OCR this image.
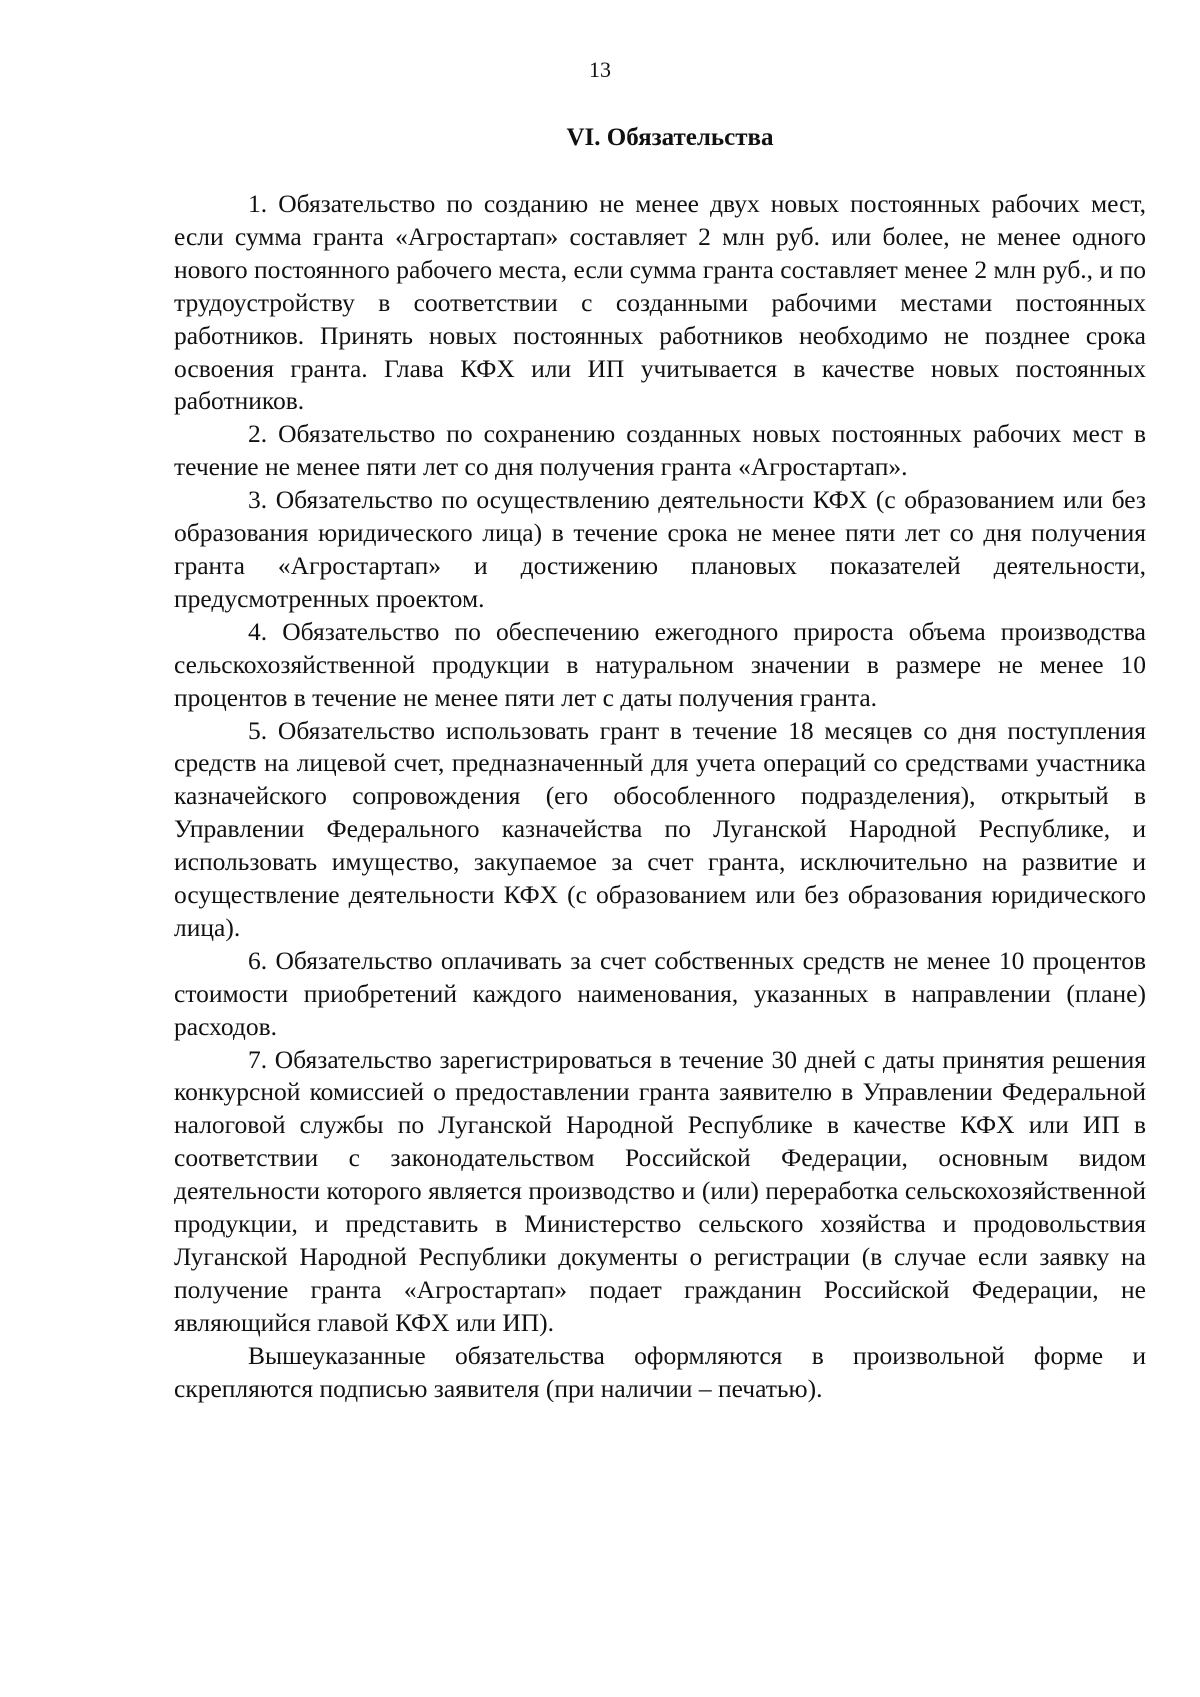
13
VI. Обязательства

1. Обязательство по созданию не менее двух новых постоянных рабочих мест, если сумма гранта «Агростартап» составляет 2 млн руб. или более, не менее одного нового постоянного рабочего места, если сумма гранта составляет менее 2 млн руб., и по трудоустройству в соответствии с созданными рабочими местами постоянных работников. Принять новых постоянных работников необходимо не позднее срока освоения гранта. Глава КФХ или ИП учитывается в качестве новых постоянных работников.

2. Обязательство по сохранению созданных новых постоянных рабочих мест в течение не менее пяти лет со дня получения гранта «Агростартап».

3. Обязательство по осуществлению деятельности КФХ (с образованием или без образования юридического лица) в течение срока не менее пяти лет со дня получения гранта «Агростартап» и достижению плановых показателей деятельности, предусмотренных проектом.

4. Обязательство по обеспечению ежегодного прироста объема производства сельскохозяйственной продукции в натуральном значении в размере не менее 10 процентов в течение не менее пяти лет с даты получения гранта.

5. Обязательство использовать грант в течение 18 месяцев со дня поступления средств на лицевой счет, предназначенный для учета операций со средствами участника казначейского сопровождения (его обособленного подразделения), открытый в Управлении Федерального казначейства по Луганской Народной Республике, и использовать имущество, закупаемое за счет гранта, исключительно на развитие и осуществление деятельности КФХ (с образованием или без образования юридического лица).

6. Обязательство оплачивать за счет собственных средств не менее 10 процентов стоимости приобретений каждого наименования, указанных в направлении (плане) расходов.

7. Обязательство зарегистрироваться в течение 30 дней с даты принятия решения конкурсной комиссией о предоставлении гранта заявителю в Управлении Федеральной налоговой службы по Луганской Народной Республике в качестве КФХ или ИП в соответствии с законодательством Российской Федерации, основным видом деятельности которого является производство и (или) переработка сельскохозяйственной продукции, и представить в Министерство сельского хозяйства и продовольствия Луганской Народной Республики документы о регистрации (в случае если заявку на получение гранта «Агростартап» подает гражданин Российской Федерации, не являющийся главой КФХ или ИП).

Вышеуказанные обязательства оформляются в произвольной форме и скрепляются подписью заявителя (при наличии – печатью).
